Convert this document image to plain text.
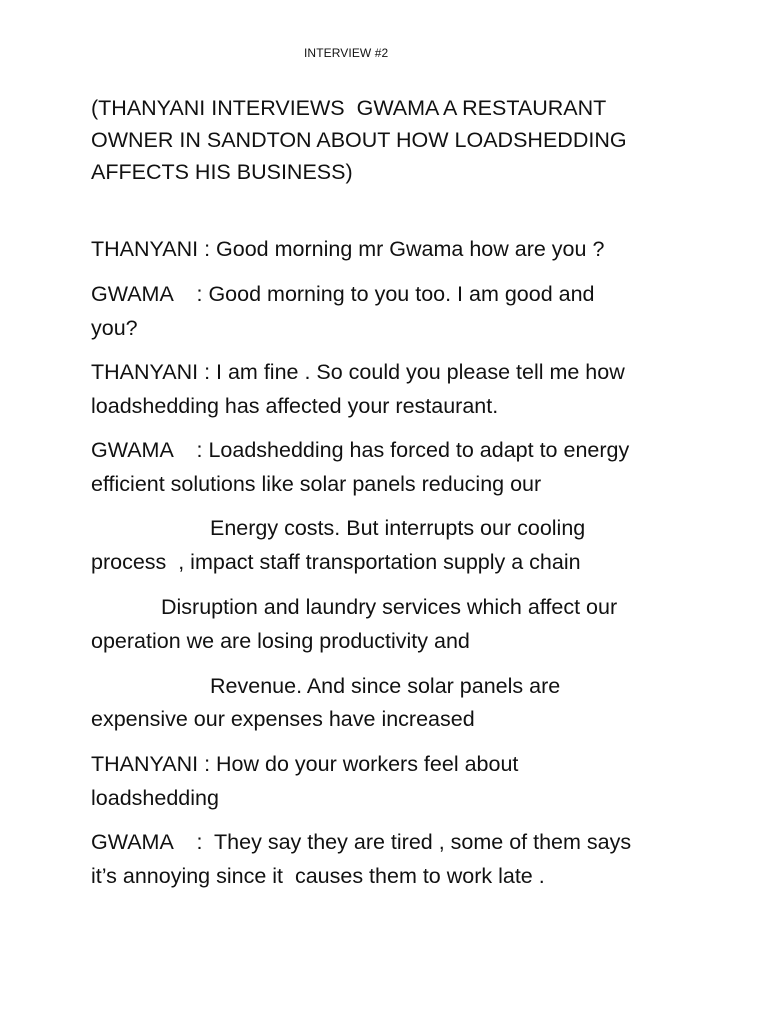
INTERVIEW #2
(THANYANI INTERVIEWS  GWAMA A RESTAURANT
OWNER IN SANDTON ABOUT HOW LOADSHEDDING
AFFECTS HIS BUSINESS)
THANYANI : Good morning mr Gwama how are you ?
GWAMA    : Good morning to you too. I am good and
you?
THANYANI : I am fine . So could you please tell me how
loadshedding has affected your restaurant.
GWAMA    : Loadshedding has forced to adapt to energy
efficient solutions like solar panels reducing our
Energy costs. But interrupts our cooling
process  , impact staff transportation supply a chain
Disruption and laundry services which affect our
operation we are losing productivity and
Revenue. And since solar panels are
expensive our expenses have increased
THANYANI : How do your workers feel about
loadshedding
GWAMA    :  They say they are tired , some of them says
it’s annoying since it  causes them to work late .
